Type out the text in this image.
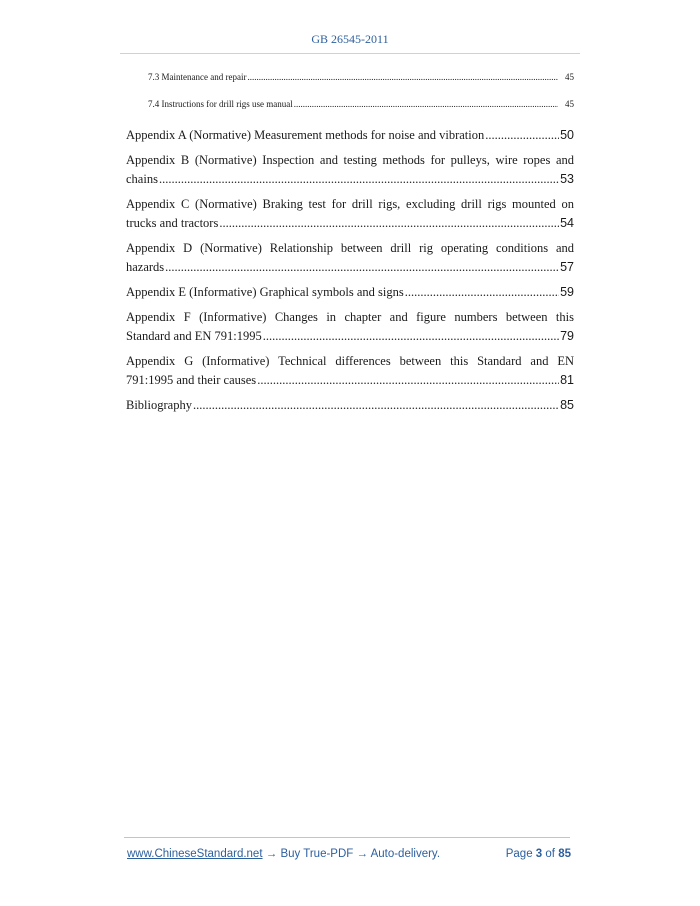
GB 26545-2011
7.3 Maintenance and repair .....	45
7.4 Instructions for drill rigs use manual .....	45
Appendix A (Normative) Measurement methods for noise and vibration .....	50
Appendix B (Normative) Inspection and testing methods for pulleys, wire ropes and
chains .....	53
Appendix C (Normative) Braking test for drill rigs, excluding drill rigs mounted on
trucks and tractors .....	54
Appendix D (Normative) Relationship between drill rig operating conditions and
hazards .....	57
Appendix E (Informative) Graphical symbols and signs .....	59
Appendix F (Informative) Changes in chapter and figure numbers between this
Standard and EN 791:1995 .....	79
Appendix G (Informative) Technical differences between this Standard and EN
791:1995 and their causes .....	81
Bibliography .....	85
www.ChineseStandard.net → Buy True-PDF → Auto-delivery.	Page 3 of 85
